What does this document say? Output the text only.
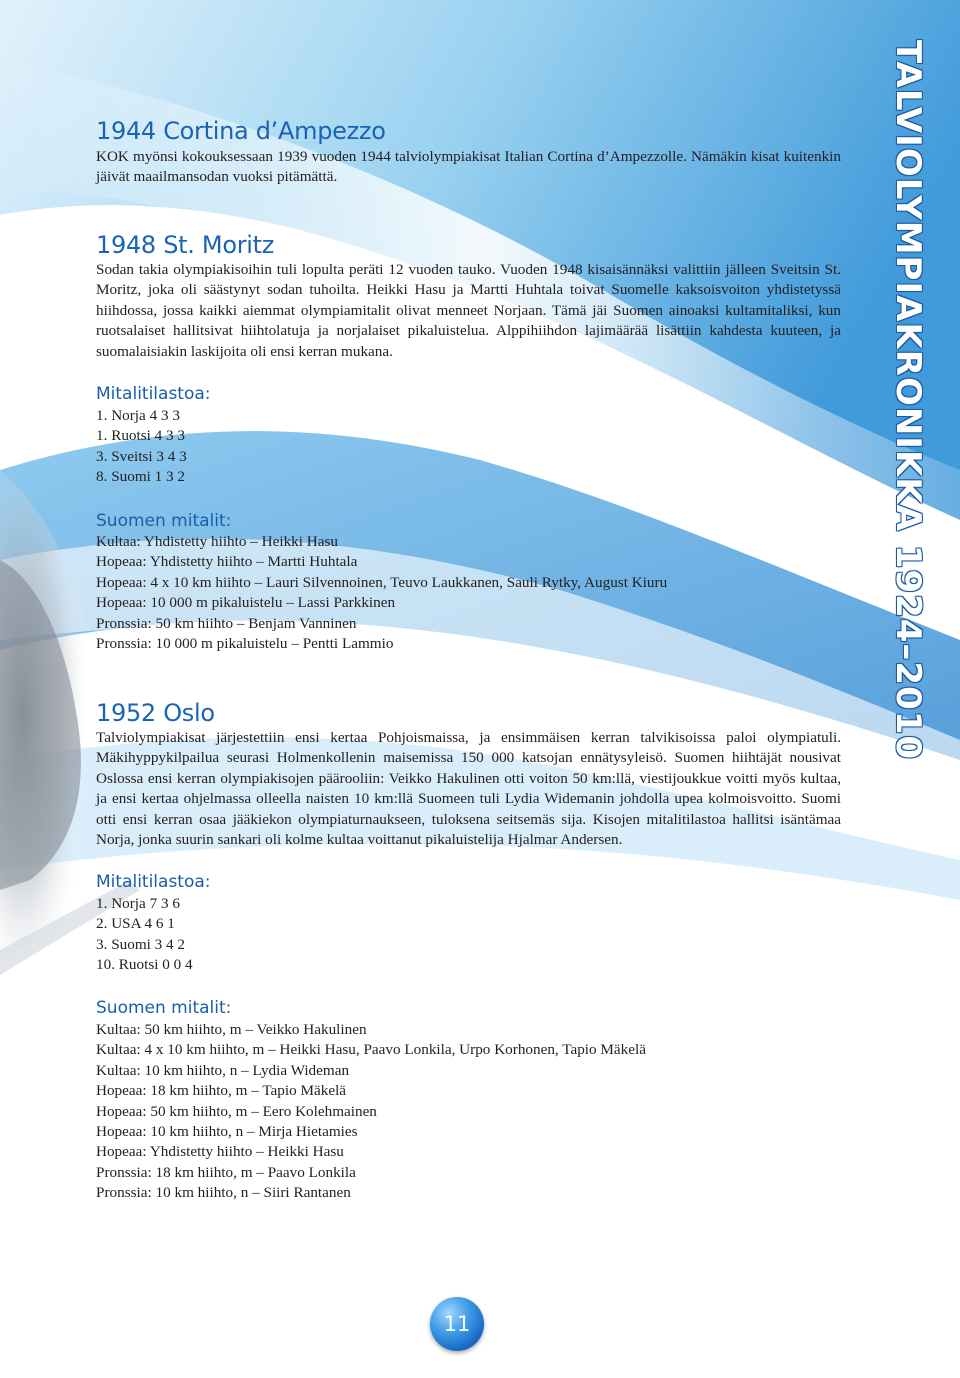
1944 Cortina d’Ampezzo

KOK myönsi kokouksessaan 1939 vuoden 1944 talviolympiakisat Italian Cortina d’Ampezzolle. Nämäkin kisat kuitenkin jäivät maailmansodan vuoksi pitämättä.

1948 St. Moritz

Sodan takia olympiakisoihin tuli lopulta peräti 12 vuoden tauko. Vuoden 1948 kisaisännäksi valittiin jälleen Sveitsin St. Moritz, joka oli säästynyt sodan tuhoilta. Heikki Hasu ja Martti Huhtala toivat Suomelle kaksoisvoiton yhdistetyssä hiihdossa, jossa kaikki aiemmat olympiamitalit olivat menneet Norjaan. Tämä jäi Suomen ainoaksi kultamitaliksi, kun ruotsalaiset hallitsivat hiihtolatuja ja norjalaiset pikaluistelua. Alppihiihdon lajimäärää lisättiin kahdesta kuuteen, ja suomalaisiakin laskijoita oli ensi kerran mukana.

Mitalitilastoa:
1. Norja 4 3 3
1. Ruotsi 4 3 3
3. Sveitsi 3 4 3
8. Suomi 1 3 2
Suomen mitalit:
Kultaa: Yhdistetty hiihto – Heikki Hasu
Hopeaa: Yhdistetty hiihto – Martti Huhtala
Hopeaa: 4 x 10 km hiihto – Lauri Silvennoinen, Teuvo Laukkanen, Sauli Rytky, August Kiuru
Hopeaa: 10 000 m pikaluistelu – Lassi Parkkinen
Pronssia: 50 km hiihto – Benjam Vanninen
Pronssia: 10 000 m pikaluistelu – Pentti Lammio
1952 Oslo

Talviolympiakisat järjestettiin ensi kertaa Pohjoismaissa, ja ensimmäisen kerran talvikisoissa paloi olympiatuli. Mäkihyppykilpailua seurasi Holmenkollenin maisemissa 150 000 katsojan ennätysyleisö. Suomen hiihtäjät nousivat Oslossa ensi kerran olympiakisojen päärooliin: Veikko Hakulinen otti voiton 50 km:llä, viestijoukkue voitti myös kultaa, ja ensi kertaa ohjelmassa olleella naisten 10 km:llä Suomeen tuli Lydia Widemanin johdolla upea kolmoisvoitto. Suomi otti ensi kerran osaa jääkiekon olympiaturnaukseen, tuloksena seitsemäs sija. Kisojen mitalitilastoa hallitsi isäntämaa Norja, jonka suurin sankari oli kolme kultaa voittanut pikaluistelija Hjalmar Andersen.

Mitalitilastoa:
1. Norja 7 3 6
2. USA 4 6 1
3. Suomi 3 4 2
10. Ruotsi 0 0 4
Suomen mitalit:
Kultaa: 50 km hiihto, m – Veikko Hakulinen
Kultaa: 4 x 10 km hiihto, m – Heikki Hasu, Paavo Lonkila, Urpo Korhonen, Tapio Mäkelä
Kultaa: 10 km hiihto, n – Lydia Wideman
Hopeaa: 18 km hiihto, m – Tapio Mäkelä
Hopeaa: 50 km hiihto, m – Eero Kolehmainen
Hopeaa: 10 km hiihto, n – Mirja Hietamies
Hopeaa: Yhdistetty hiihto – Heikki Hasu
Pronssia: 18 km hiihto, m – Paavo Lonkila
Pronssia: 10 km hiihto, n – Siiri Rantanen
TALVIOLYMPIAKRONIKKA 1924–2010
11
